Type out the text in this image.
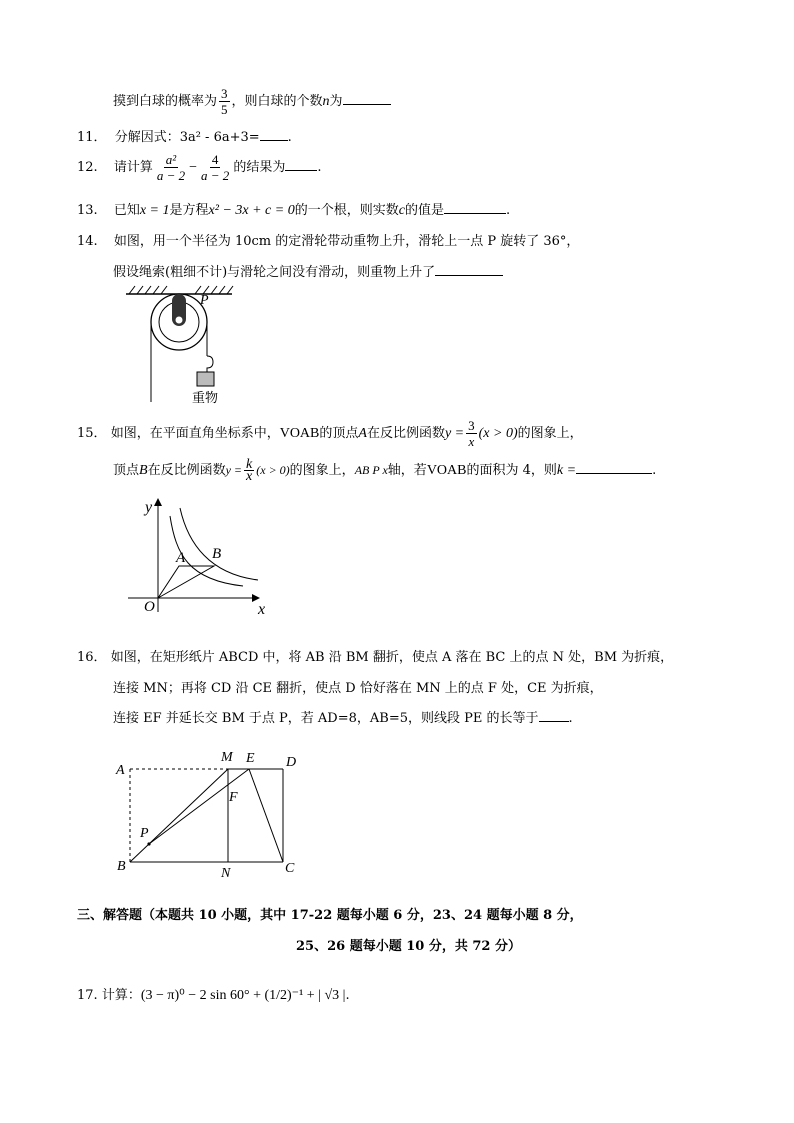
摸到白球的概率为 $\frac{3}{5}$ ，则白球的个数n为
11． 分解因式：3a² - 6a+3= .
12. 请计算 $\frac{\text{a²}}{a - 2} - \frac{4}{a - 2}$ 的结果为 .
13. 已知x = 1是方程x² − 3x + c = 0的一个根，则实数c的值是	.
14. 如图，用一个半径为 10cm 的定滑轮带动重物上升，滑轮上一点 P 旋转了 36°，
假设绳索(粗细不计)与滑轮之间没有滑动，则重物上升了
P
重物
15． 如图，在平面直角坐标系中，VOAB的顶点A在反比例函数$y = \frac{3}{x} (x > 0)$的图象上，
顶点B在反比例函数$y = \frac{k}{x} (x > 0)$的图象上，AB P x轴，若VOAB的面积为 4，则k =	.
y
x
O
A B
16． 如图，在矩形纸片 ABCD 中，将 AB 沿 BM 翻折，使点 A 落在 BC 上的点 N 处，BM 为折痕，
连接 MN；再将 CD 沿 CE 翻折，使点 D 恰好落在 MN 上的点 F 处，CE 为折痕，
连接 EF 并延长交 BM 于点 P，若 AD=8，AB=5，则线段 PE 的长等于 .
A
M E D
F
P
B	N	C
三、解答题（本题共 10 小题，其中 17-22 题每小题 6 分，23、24 题每小题 8 分，
25、26 题每小题 10 分，共 72 分）
17. 计算：(3 − π)⁰ − 2 sin 60° + (1/2)⁻¹ + | √3 |.
